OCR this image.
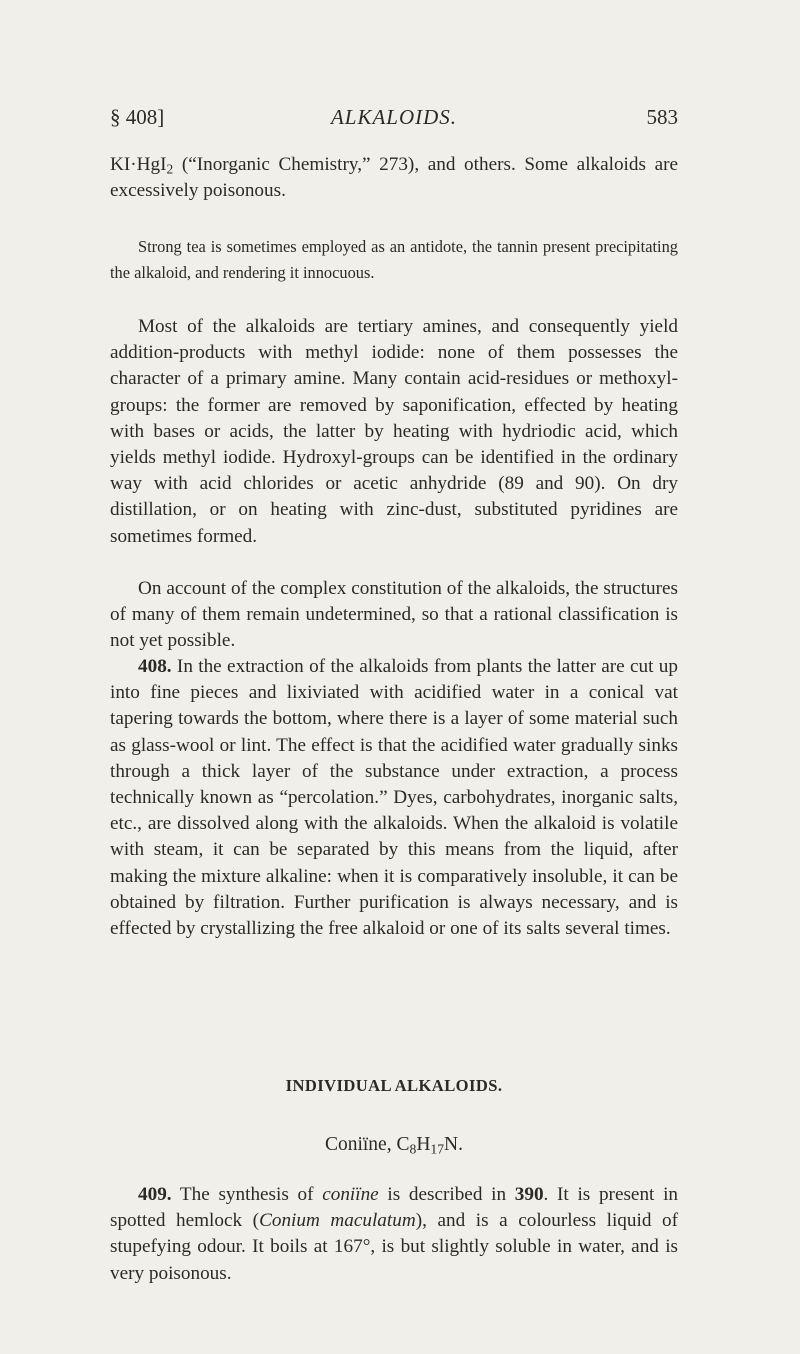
§ 408]	ALKALOIDS.	583

KI·HgI$_2$ (“Inorganic Chemistry,” 273), and others. Some alkaloids are excessively poisonous.

Strong tea is sometimes employed as an antidote, the tannin present precipitating the alkaloid, and rendering it innocuous.

Most of the alkaloids are tertiary amines, and consequently yield addition-products with methyl iodide: none of them possesses the character of a primary amine. Many contain acid-residues or methoxyl-groups: the former are removed by saponification, effected by heating with bases or acids, the latter by heating with hydriodic acid, which yields methyl iodide. Hydroxyl-groups can be identified in the ordinary way with acid chlorides or acetic anhydride (89 and 90). On dry distillation, or on heating with zinc-dust, substituted pyridines are sometimes formed.

On account of the complex constitution of the alkaloids, the structures of many of them remain undetermined, so that a rational classification is not yet possible.

408. In the extraction of the alkaloids from plants the latter are cut up into fine pieces and lixiviated with acidified water in a conical vat tapering towards the bottom, where there is a layer of some material such as glass-wool or lint. The effect is that the acidified water gradually sinks through a thick layer of the substance under extraction, a process technically known as “percolation.” Dyes, carbohydrates, inorganic salts, etc., are dissolved along with the alkaloids. When the alkaloid is volatile with steam, it can be separated by this means from the liquid, after making the mixture alkaline: when it is comparatively insoluble, it can be obtained by filtration. Further purification is always necessary, and is effected by crystallizing the free alkaloid or one of its salts several times.

INDIVIDUAL ALKALOIDS.
Coniïne, $C_8H_{17}N$.

409. The synthesis of coniïne is described in 390. It is present in spotted hemlock (Conium maculatum), and is a colourless liquid of stupefying odour. It boils at 167°, is but slightly soluble in water, and is very poisonous.
